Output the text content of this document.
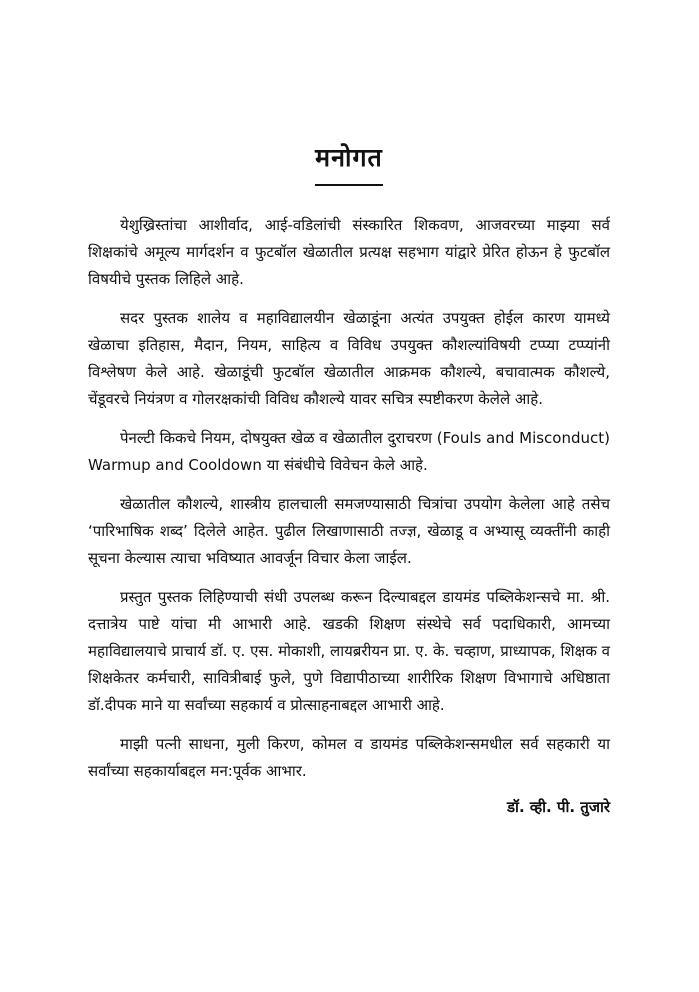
मनोगत

येशुख्रिस्तांचा आशीर्वाद, आई-वडिलांची संस्कारित शिकवण, आजवरच्या माझ्या सर्व शिक्षकांचे अमूल्य मार्गदर्शन व फुटबॉल खेळातील प्रत्यक्ष सहभाग यांद्वारे प्रेरित होऊन हे फुटबॉल विषयीचे पुस्तक लिहिले आहे.

सदर पुस्तक शालेय व महाविद्यालयीन खेळाडूंना अत्यंत उपयुक्त होईल कारण यामध्ये खेळाचा इतिहास, मैदान, नियम, साहित्य व विविध उपयुक्त कौशल्यांविषयी टप्प्या टप्प्यांनी विश्लेषण केले आहे. खेळाडूंची फुटबॉल खेळातील आक्रमक कौशल्ये, बचावात्मक कौशल्ये, चेंडूवरचे नियंत्रण व गोलरक्षकांची विविध कौशल्ये यावर सचित्र स्पष्टीकरण केलेले आहे.

पेनल्टी किकचे नियम, दोषयुक्त खेळ व खेळातील दुराचरण (Fouls and Misconduct) Warmup and Cooldown या संबंधीचे विवेचन केले आहे.

खेळातील कौशल्ये, शास्त्रीय हालचाली समजण्यासाठी चित्रांचा उपयोग केलेला आहे तसेच ‘पारिभाषिक शब्द’ दिलेले आहेत. पुढील लिखाणासाठी तज्ज्ञ, खेळाडू व अभ्यासू व्यक्तींनी काही सूचना केल्यास त्याचा भविष्यात आवर्जून विचार केला जाईल.

प्रस्तुत पुस्तक लिहिण्याची संधी उपलब्ध करून दिल्याबद्दल डायमंड पब्लिकेशन्सचे मा. श्री. दत्तात्रेय पाष्टे यांचा मी आभारी आहे. खडकी शिक्षण संस्थेचे सर्व पदाधिकारी, आमच्या महाविद्यालयाचे प्राचार्य डॉ. ए. एस. मोकाशी, लायब्ररीयन प्रा. ए. के. चव्हाण, प्राध्यापक, शिक्षक व शिक्षकेतर कर्मचारी, सावित्रीबाई फुले, पुणे विद्यापीठाच्या शारीरिक शिक्षण विभागाचे अधिष्ठाता डॉ.दीपक माने या सर्वांच्या सहकार्य व प्रोत्साहनाबद्दल आभारी आहे.

माझी पत्नी साधना, मुली किरण, कोमल व डायमंड पब्लिकेशन्समधील सर्व सहकारी या सर्वांच्या सहकार्याबद्दल मन:पूर्वक आभार.

डॉ. व्ही. पी. तुजारे
